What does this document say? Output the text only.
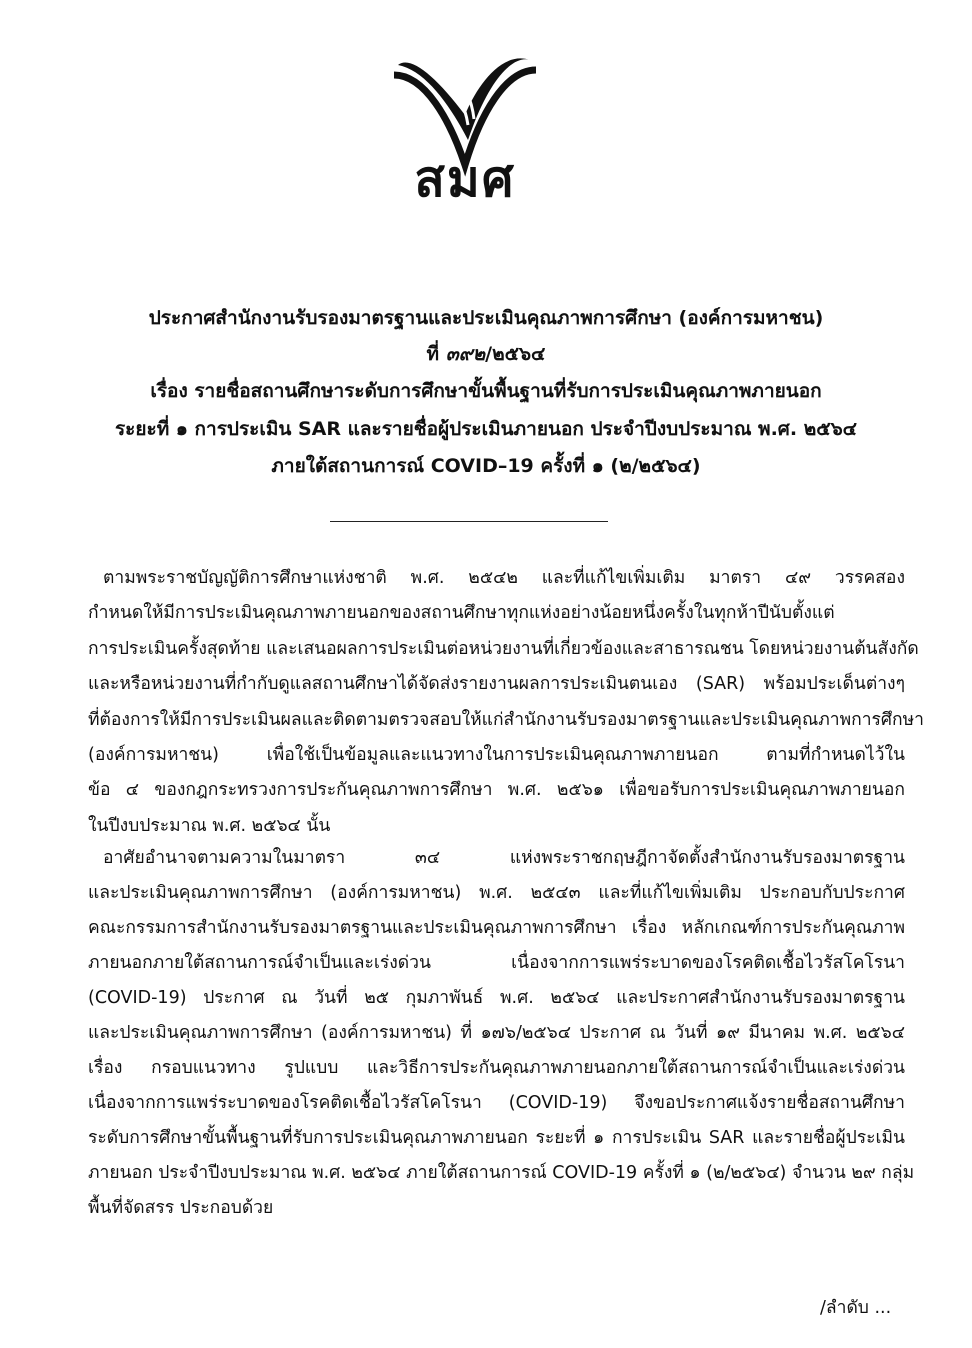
สมศ
ประกาศสำนักงานรับรองมาตรฐานและประเมินคุณภาพการศึกษา (องค์การมหาชน)
ที่ ๓๙๒/๒๕๖๔
เรื่อง รายชื่อสถานศึกษาระดับการศึกษาขั้นพื้นฐานที่รับการประเมินคุณภาพภายนอก
ระยะที่ ๑ การประเมิน SAR และรายชื่อผู้ประเมินภายนอก ประจำปีงบประมาณ พ.ศ. ๒๕๖๔
ภายใต้สถานการณ์ COVID–19 ครั้งที่ ๑ (๒/๒๕๖๔)
ตามพระราชบัญญัติการศึกษาแห่งชาติ พ.ศ. ๒๕๔๒ และที่แก้ไขเพิ่มเติม มาตรา ๔๙ วรรคสอง
กำหนดให้มีการประเมินคุณภาพภายนอกของสถานศึกษาทุกแห่งอย่างน้อยหนึ่งครั้งในทุกห้าปีนับตั้งแต่
การประเมินครั้งสุดท้าย และเสนอผลการประเมินต่อหน่วยงานที่เกี่ยวข้องและสาธารณชน โดยหน่วยงานต้นสังกัด
และหรือหน่วยงานที่กำกับดูแลสถานศึกษาได้จัดส่งรายงานผลการประเมินตนเอง (SAR) พร้อมประเด็นต่างๆ
ที่ต้องการให้มีการประเมินผลและติดตามตรวจสอบให้แก่สำนักงานรับรองมาตรฐานและประเมินคุณภาพการศึกษา
(องค์การมหาชน) เพื่อใช้เป็นข้อมูลและแนวทางในการประเมินคุณภาพภายนอก ตามที่กำหนดไว้ใน
ข้อ ๔ ของกฎกระทรวงการประกันคุณภาพการศึกษา พ.ศ. ๒๕๖๑ เพื่อขอรับการประเมินคุณภาพภายนอก
ในปีงบประมาณ พ.ศ. ๒๕๖๔ นั้น
อาศัยอำนาจตามความในมาตรา ๓๔ แห่งพระราชกฤษฎีกาจัดตั้งสำนักงานรับรองมาตรฐาน
และประเมินคุณภาพการศึกษา (องค์การมหาชน) พ.ศ. ๒๕๔๓ และที่แก้ไขเพิ่มเติม ประกอบกับประกาศ
คณะกรรมการสำนักงานรับรองมาตรฐานและประเมินคุณภาพการศึกษา เรื่อง หลักเกณฑ์การประกันคุณภาพ
ภายนอกภายใต้สถานการณ์จำเป็นและเร่งด่วน เนื่องจากการแพร่ระบาดของโรคติดเชื้อไวรัสโคโรนา
(COVID-19) ประกาศ ณ วันที่ ๒๕ กุมภาพันธ์ พ.ศ. ๒๕๖๔ และประกาศสำนักงานรับรองมาตรฐาน
และประเมินคุณภาพการศึกษา (องค์การมหาชน) ที่ ๑๗๖/๒๕๖๔ ประกาศ ณ วันที่ ๑๙ มีนาคม พ.ศ. ๒๕๖๔
เรื่อง กรอบแนวทาง รูปแบบ และวิธีการประกันคุณภาพภายนอกภายใต้สถานการณ์จำเป็นและเร่งด่วน
เนื่องจากการแพร่ระบาดของโรคติดเชื้อไวรัสโคโรนา (COVID-19) จึงขอประกาศแจ้งรายชื่อสถานศึกษา
ระดับการศึกษาขั้นพื้นฐานที่รับการประเมินคุณภาพภายนอก ระยะที่ ๑ การประเมิน SAR และรายชื่อผู้ประเมิน
ภายนอก ประจำปีงบประมาณ พ.ศ. ๒๕๖๔ ภายใต้สถานการณ์ COVID-19 ครั้งที่ ๑ (๒/๒๕๖๔) จำนวน ๒๙ กลุ่ม
พื้นที่จัดสรร ประกอบด้วย
/ลำดับ ...
